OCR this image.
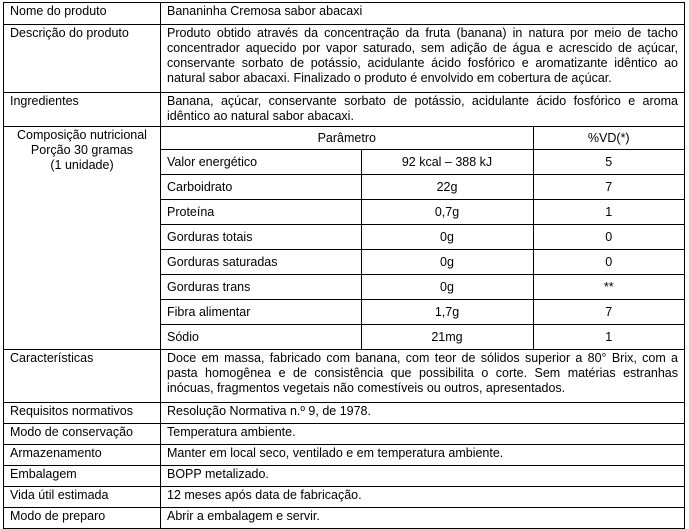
Nome do produto	Bananinha Cremosa sabor abacaxi
Descrição do produto	Produto obtido através da concentração da fruta (banana) in natura por meio de tacho concentrador aquecido por vapor saturado, sem adição de água e acrescido de açúcar, conservante sorbato de potássio, acidulante ácido fosfórico e aromatizante idêntico ao natural sabor abacaxi. Finalizado o produto é envolvido em cobertura de açúcar.
Ingredientes	Banana, açúcar, conservante sorbato de potássio, acidulante ácido fosfórico e aroma idêntico ao natural sabor abacaxi.

Composição nutricional
Porção 30 gramas
(1 unidade)

Parâmetro	%VD(*)
Valor energético	92 kcal – 388 kJ	5
Carboidrato	22g	7
Proteína	0,7g	1
Gorduras totais	0g	0
Gorduras saturadas	0g	0
Gorduras trans	0g	**
Fibra alimentar	1,7g	7
Sódio	21mg	1

Características	Doce em massa, fabricado com banana, com teor de sólidos superior a 80° Brix, com a pasta homogênea e de consistência que possibilita o corte. Sem matérias estranhas inócuas, fragmentos vegetais não comestíveis ou outros, apresentados.
Requisitos normativos	Resolução Normativa n.º 9, de 1978.
Modo de conservação	Temperatura ambiente.
Armazenamento	Manter em local seco, ventilado e em temperatura ambiente.
Embalagem	BOPP metalizado.
Vida útil estimada	12 meses após data de fabricação.
Modo de preparo	Abrir a embalagem e servir.
